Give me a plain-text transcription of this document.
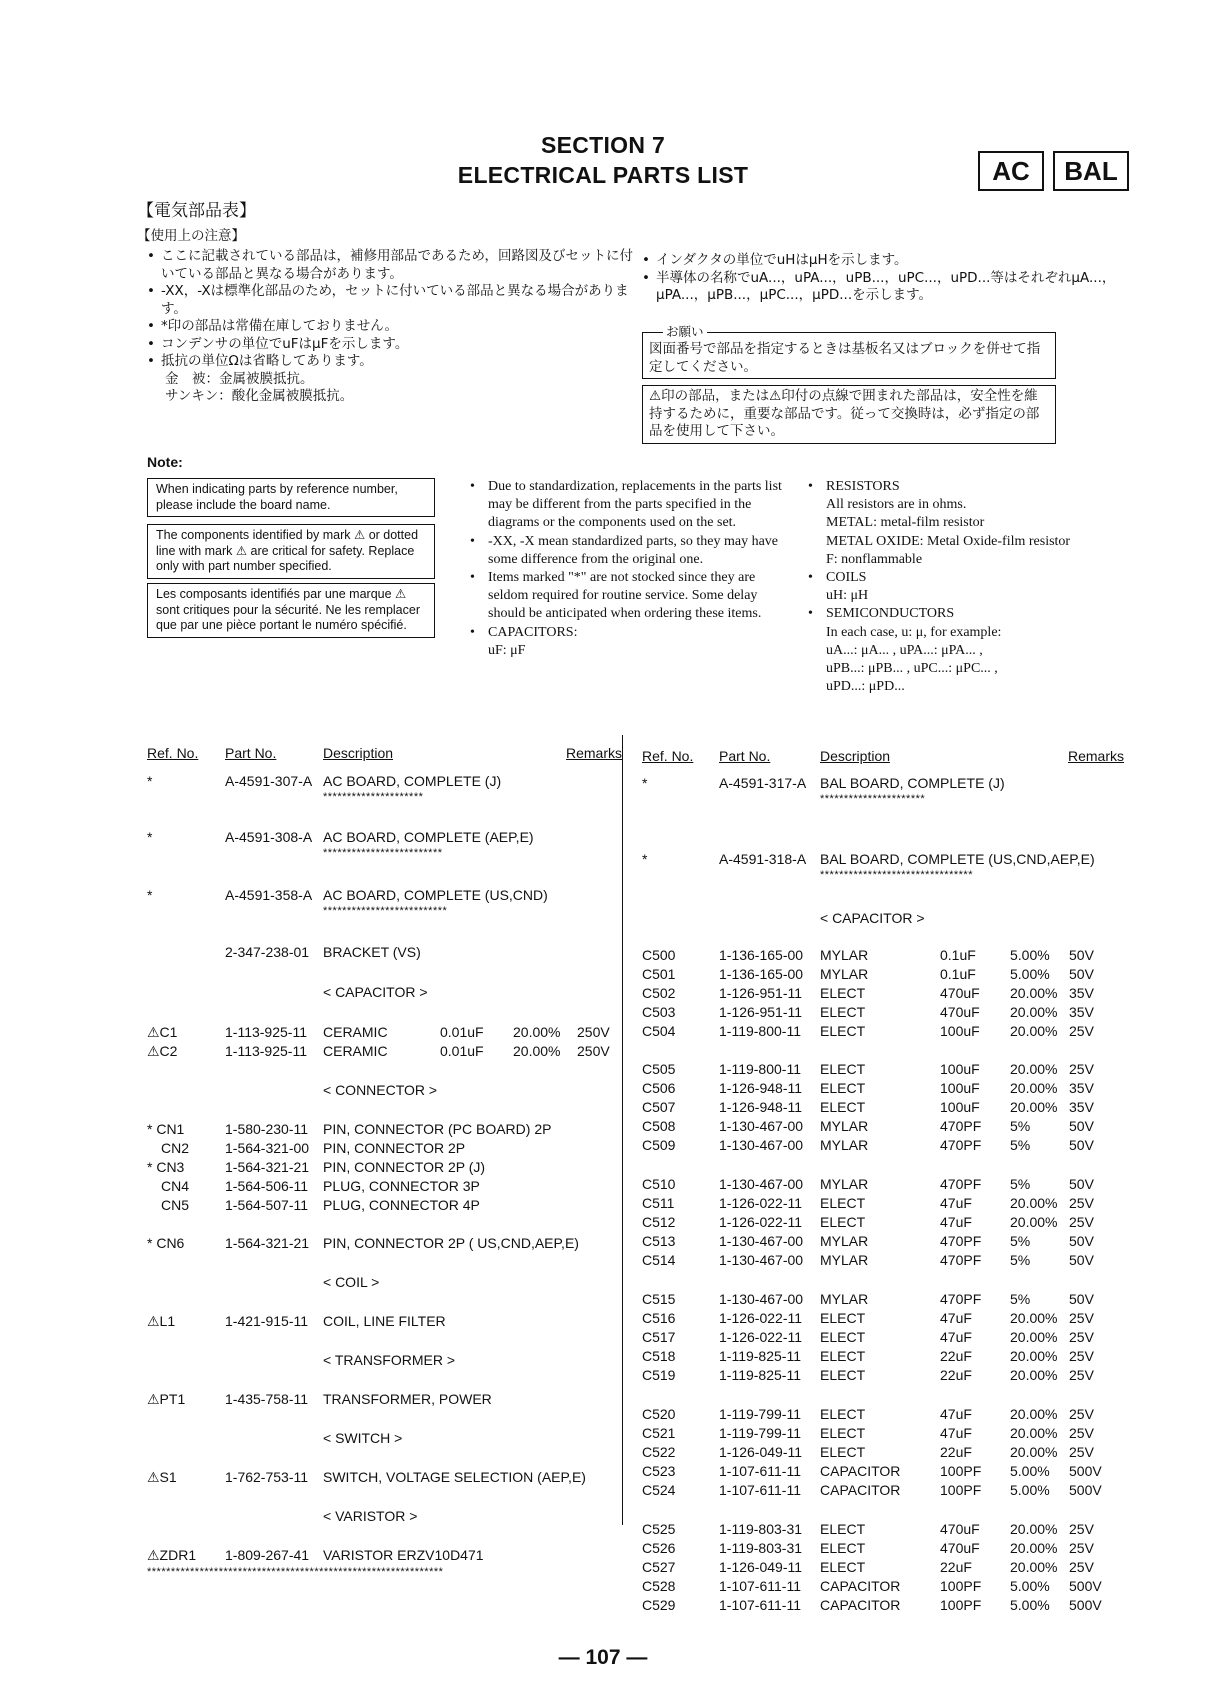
SECTION 7
ELECTRICAL PARTS LIST	AC	BAL
【電気部品表】
【使用上の注意】
• ここに記載されている部品は，補修用部品であるため，回路図及びセットに付いている部品と異なる場合があります。
• -XX，-Xは標準化部品のため，セットに付いている部品と異なる場合があります。
• *印の部品は常備在庫しておりません。
• コンデンサの単位でuFはμFを示します。
• 抵抗の単位Ωは省略してあります。
金　被：金属被膜抵抗。
サンキン：酸化金属被膜抵抗。
• インダクタの単位でuHはμHを示します。
• 半導体の名称でuA...，uPA...，uPB...，uPC...，uPD...等はそれぞれμA...，μPA...，μPB...，μPC...，μPD...を示します。
お願い
図面番号で部品を指定するときは基板名又はブロックを併せて指定してください。
⚠印の部品，または⚠印付の点線で囲まれた部品は，安全性を維持するために，重要な部品です。従って交換時は，必ず指定の部品を使用して下さい。
Note:
When indicating parts by reference number, please include the board name.
The components identified by mark ⚠ or dotted line with mark ⚠ are critical for safety. Replace only with part number specified.
Les composants identifiés par une marque ⚠ sont critiques pour la sécurité. Ne les remplacer que par une pièce portant le numéro spécifié.
• Due to standardization, replacements in the parts list may be different from the parts specified in the diagrams or the components used on the set.
• -XX, -X mean standardized parts, so they may have some difference from the original one.
• Items marked "*" are not stocked since they are seldom required for routine service. Some delay should be anticipated when ordering these items.
• CAPACITORS:
uF: μF
• RESISTORS
All resistors are in ohms.
METAL: metal-film resistor
METAL OXIDE: Metal Oxide-film resistor
F: nonflammable
• COILS
uH: μH
• SEMICONDUCTORS
In each case, u: μ, for example:
uA...: μA... , uPA...: μPA... ,
uPB...: μPB... , uPC...: μPC... ,
uPD...: μPD...
Ref. No. Part No.	Description	Remarks Ref. No. Part No.	Description	Remarks
*	A-4591-307-A AC BOARD, COMPLETE (J)
*********************
*	A-4591-308-A AC BOARD, COMPLETE (AEP,E)
*************************
*	A-4591-358-A AC BOARD, COMPLETE (US,CND)
**************************
2-347-238-01 BRACKET (VS)
< CAPACITOR >
⚠C1	1-113-925-11 CERAMIC	0.01uF 20.00% 250V
⚠C2	1-113-925-11 CERAMIC	0.01uF 20.00% 250V
< CONNECTOR >
* CN1	1-580-230-11 PIN, CONNECTOR (PC BOARD) 2P
CN2	1-564-321-00 PIN, CONNECTOR 2P
* CN3	1-564-321-21 PIN, CONNECTOR 2P (J)
CN4	1-564-506-11 PLUG, CONNECTOR 3P
CN5	1-564-507-11 PLUG, CONNECTOR 4P
* CN6	1-564-321-21 PIN, CONNECTOR 2P ( US,CND,AEP,E)
< COIL >
⚠L1	1-421-915-11 COIL, LINE FILTER
< TRANSFORMER >
⚠PT1	1-435-758-11 TRANSFORMER, POWER
< SWITCH >
⚠S1	1-762-753-11 SWITCH, VOLTAGE SELECTION (AEP,E)
< VARISTOR >
⚠ZDR1 1-809-267-41 VARISTOR ERZV10D471
**************************************************************
*	A-4591-317-A BAL BOARD, COMPLETE (J)
**********************
*	A-4591-318-A BAL BOARD, COMPLETE (US,CND,AEP,E)
********************************
< CAPACITOR >
C500	1-136-165-00 MYLAR	0.1uF 5.00% 50V
C501	1-136-165-00 MYLAR	0.1uF 5.00% 50V
C502	1-126-951-11 ELECT	470uF 20.00% 35V
C503	1-126-951-11 ELECT	470uF 20.00% 35V
C504	1-119-800-11 ELECT	100uF 20.00% 25V
C505	1-119-800-11 ELECT	100uF 20.00% 25V
C506	1-126-948-11 ELECT	100uF 20.00% 35V
C507	1-126-948-11 ELECT	100uF 20.00% 35V
C508	1-130-467-00 MYLAR	470PF 5%	50V
C509	1-130-467-00 MYLAR	470PF 5%	50V
C510	1-130-467-00 MYLAR	470PF 5%	50V
C511	1-126-022-11 ELECT	47uF	20.00% 25V
C512	1-126-022-11 ELECT	47uF	20.00% 25V
C513	1-130-467-00 MYLAR	470PF 5%	50V
C514	1-130-467-00 MYLAR	470PF 5%	50V
C515	1-130-467-00 MYLAR	470PF 5%	50V
C516	1-126-022-11 ELECT	47uF	20.00% 25V
C517	1-126-022-11 ELECT	47uF	20.00% 25V
C518	1-119-825-11 ELECT	22uF	20.00% 25V
C519	1-119-825-11 ELECT	22uF	20.00% 25V
C520	1-119-799-11 ELECT	47uF	20.00% 25V
C521	1-119-799-11 ELECT	47uF	20.00% 25V
C522	1-126-049-11 ELECT	22uF	20.00% 25V
C523	1-107-611-11 CAPACITOR	100PF 5.00% 500V
C524	1-107-611-11 CAPACITOR	100PF 5.00% 500V
C525	1-119-803-31 ELECT	470uF 20.00% 25V
C526	1-119-803-31 ELECT	470uF 20.00% 25V
C527	1-126-049-11 ELECT	22uF	20.00% 25V
C528	1-107-611-11 CAPACITOR	100PF 5.00% 500V
C529	1-107-611-11 CAPACITOR	100PF 5.00% 500V
— 107 —
